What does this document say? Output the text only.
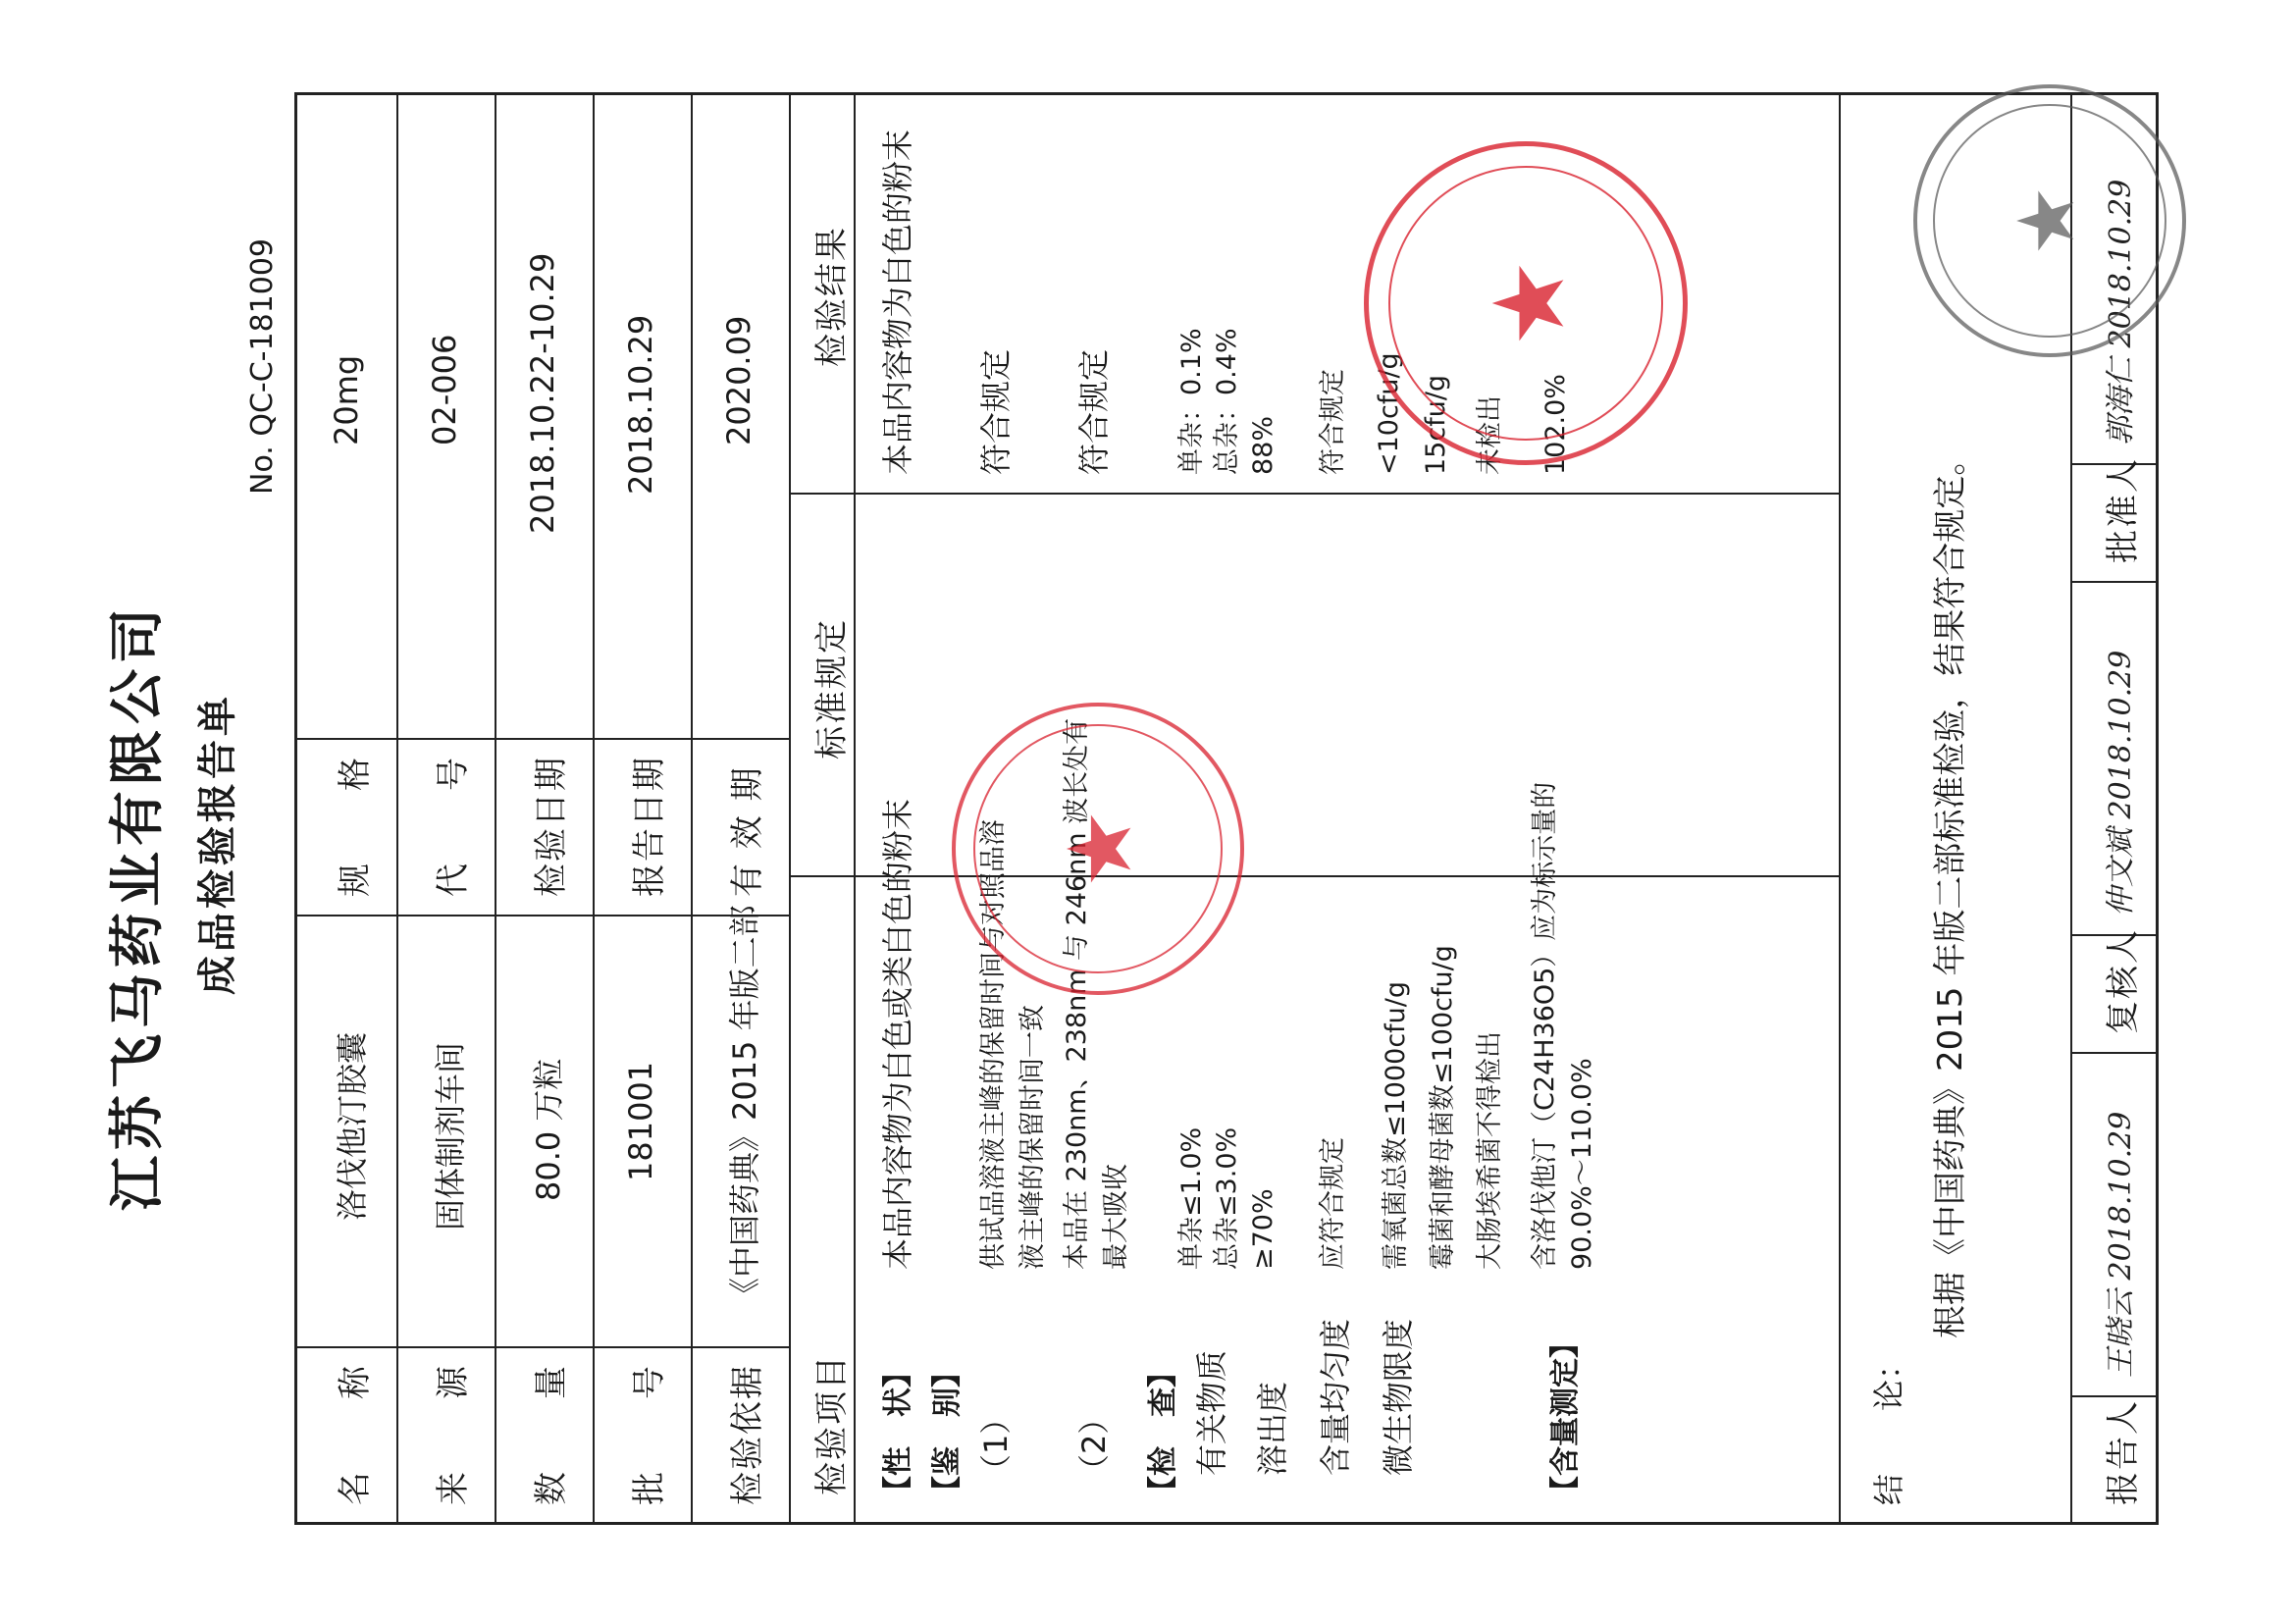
江苏飞马药业有限公司 成品检验报告单
No. QC-C-181009
名　　称
洛伐他汀胶囊
规　　格
20mg
来　　源
固体制剂车间
代　　号
02-006
数　　量
80.0 万粒
检验日期
2018.10.22-10.29
批　　号
181001
报告日期
2018.10.29
检验依据
《中国药典》2015 年版二部
有 效 期
2020.09
检验项目
标准规定
检验结果
【性　状】
本品内容物为白色或类白色的粉末
本品内容物为白色的粉末
【鉴　别】 （1）
供试品溶液主峰的保留时间与对照品溶 液主峰的保留时间一致
符合规定
（2）
本品在 230nm、238nm 与 246nm 波长处有 最大吸收
符合规定
【检　查】 有关物质
单杂≤1.0% 总杂≤3.0%
单杂：0.1% 总杂：0.4%
溶出度
≥70%
88%
含量均匀度
应符合规定
符合规定
微生物限度
需氧菌总数≤1000cfu/g
<10cfu/g
霉菌和酵母菌数≤100cfu/g
15cfu/g
大肠埃希菌不得检出
未检出
【含量测定】
含洛伐他汀（C24H36O5）应为标示量的 90.0%～110.0%
102.0%
结　　论：
根据《中国药典》2015 年版二部标准检验，结果符合规定。
报告人
王晓云 2018.10.29
复核人
仲文斌 2018.10.29
批准人
郭海仁 2018.10.29
★
★
★
